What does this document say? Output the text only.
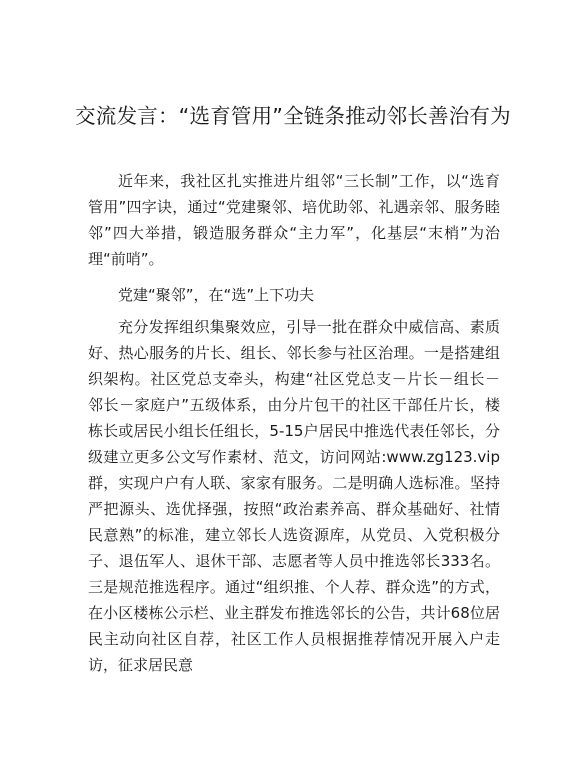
交流发言：“选育管用”全链条推动邻长善治有为

近年来，我社区扎实推进片组邻“三长制”工作，以“选育管用”四字诀，通过“党建聚邻、培优助邻、礼遇亲邻、服务睦邻”四大举措，锻造服务群众“主力军”，化基层“末梢”为治理“前哨”。

党建“聚邻”，在“选”上下功夫

充分发挥组织集聚效应，引导一批在群众中威信高、素质好、热心服务的片长、组长、邻长参与社区治理。一是搭建组织架构。社区党总支牵头，构建“社区党总支－片长－组长－邻长－家庭户”五级体系，由分片包干的社区干部任片长，楼栋长或居民小组长任组长，5-15户居民中推选代表任邻长，分级建立更多公文写作素材、范文，访问网站:www.zg123.vip群，实现户户有人联、家家有服务。二是明确人选标准。坚持严把源头、选优择强，按照“政治素养高、群众基础好、社情民意熟”的标准，建立邻长人选资源库，从党员、入党积极分子、退伍军人、退休干部、志愿者等人员中推选邻长333名。三是规范推选程序。通过“组织推、个人荐、群众选”的方式，在小区楼栋公示栏、业主群发布推选邻长的公告，共计68位居民主动向社区自荐，社区工作人员根据推荐情况开展入户走访，征求居民意
